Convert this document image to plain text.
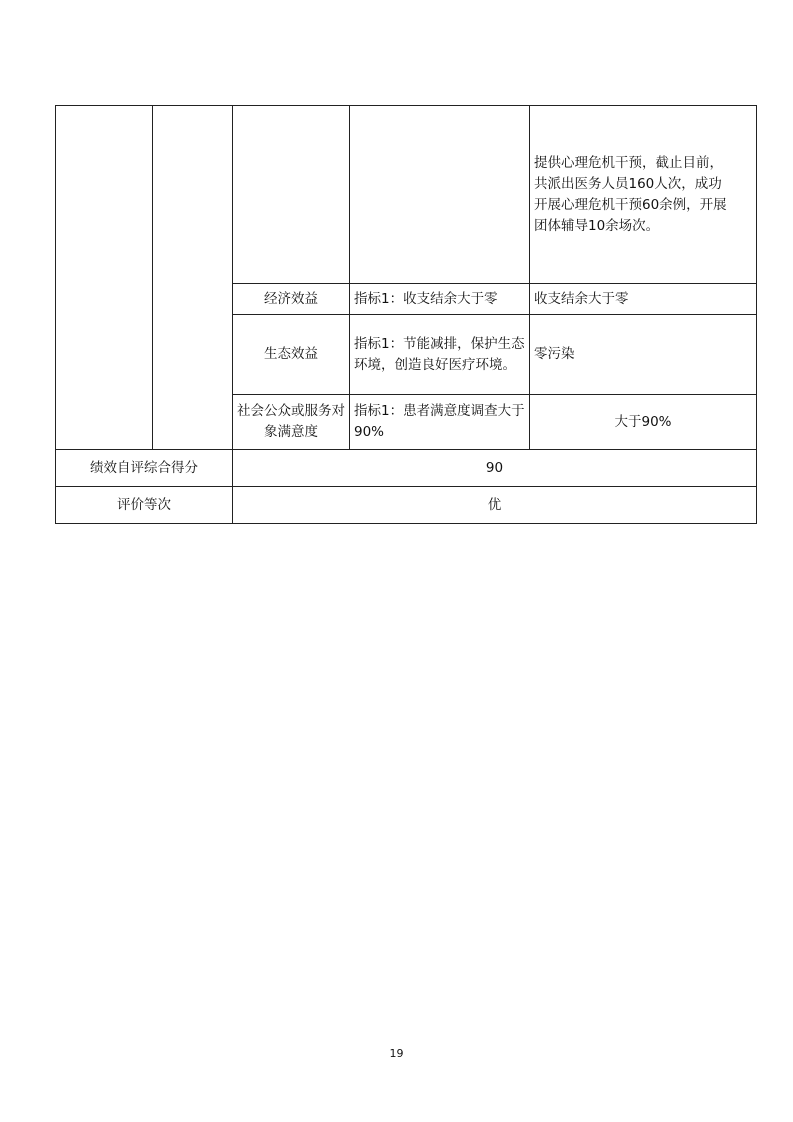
				提供心理危机干预，截止目前，

共派出医务人员160人次，成功

开展心理危机干预60余例，开展

团体辅导10余场次。

		经济效益	指标1：收支结余大于零	收支结余大于零
		生态效益	指标1：节能减排，保护生态环境，创造良好医疗环境。	零污染
		社会公众或服务对象满意度	指标1：患者满意度调查大于90%	大于90%
绩效自评综合得分		90		
评价等次		优		
19
